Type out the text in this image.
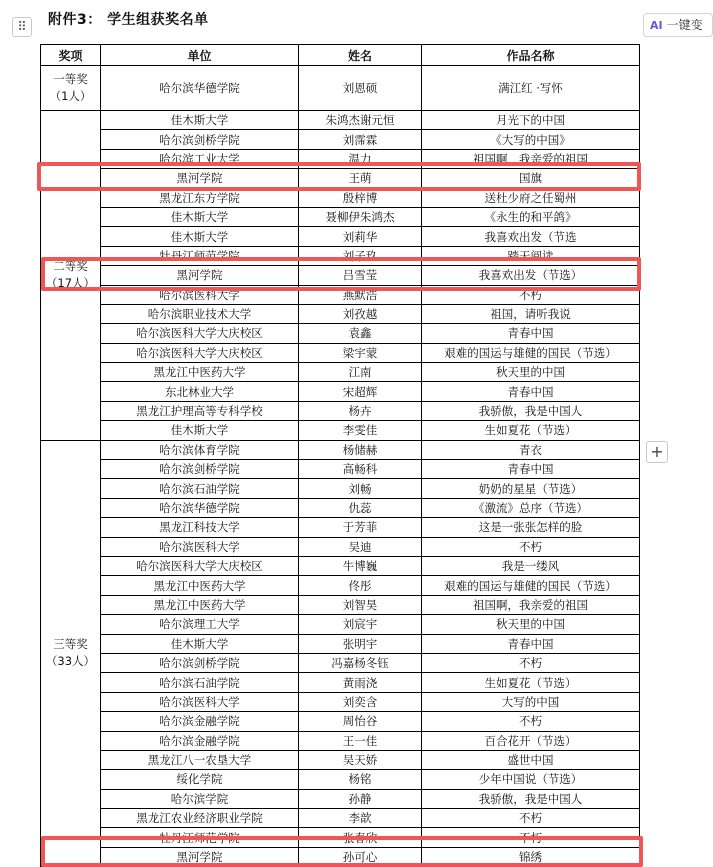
⠿	附件3： 学生组获奖名单	AI 一键变
+
奖项	单位	姓名	作品名称

一等奖
（1人）	哈尔滨华德学院	刘恩硕	满江红 ·写怀

二等奖
（17人）	佳木斯大学	朱鸿杰谢元恒	月光下的中国
	哈尔滨剑桥学院	刘霈霖	《大写的中国》
	哈尔滨工业大学	温力	祖国啊，我亲爱的祖国
	黑河学院	王萌	国旗
	黑龙江东方学院	殷梓博	送杜少府之任蜀州
	佳木斯大学	聂柳伊朱鸿杰	《永生的和平鸽》
	佳木斯大学	刘莉华	我喜欢出发（节选
	牡丹江师范学院	刘子玖	踏天阅读
	黑河学院	吕雪莹	我喜欢出发（节选）
	哈尔滨医科大学	燕默浩	不朽
	哈尔滨职业技术大学	刘孜越	祖国，请听我说
	哈尔滨医科大学大庆校区	袁鑫	青春中国
	哈尔滨医科大学大庆校区	梁宇蒙	艰难的国运与雄健的国民（节选）
	黑龙江中医药大学	江南	秋天里的中国
	东北林业大学	宋超辉	青春中国
	黑龙江护理高等专科学校	杨卉	我骄傲，我是中国人
	佳木斯大学	李雯佳	生如夏花（节选）

三等奖
（33人）	哈尔滨体育学院	杨储赫	青衣
	哈尔滨剑桥学院	高畅科	青春中国
	哈尔滨石油学院	刘畅	奶奶的星星（节选）
	哈尔滨华德学院	仇蕊	《激流》总序（节选）
	黑龙江科技大学	于芳菲	这是一张张怎样的脸
	哈尔滨医科大学	吴迪	不朽
	哈尔滨医科大学大庆校区	牛博巍	我是一缕风
	黑龙江中医药大学	佟彤	艰难的国运与雄健的国民（节选）
	黑龙江中医药大学	刘智昊	祖国啊，我亲爱的祖国
	哈尔滨理工大学	刘宸宇	秋天里的中国
	佳木斯大学	张明宇	青春中国
	哈尔滨剑桥学院	冯嘉杨冬钰	不朽
	哈尔滨石油学院	黄雨浇	生如夏花（节选）
	哈尔滨医科大学	刘奕含	大写的中国
	哈尔滨金融学院	周怡谷	不朽
	哈尔滨金融学院	王一佳	百合花开（节选）
	黑龙江八一农垦大学	吴天娇	盛世中国
	绥化学院	杨铭	少年中国说（节选）
	哈尔滨学院	孙静	我骄傲，我是中国人
	黑龙江农业经济职业学院	李歆	不朽
	牡丹江师范学院	张春欣	不朽
	黑河学院	孙可心	锦绣
